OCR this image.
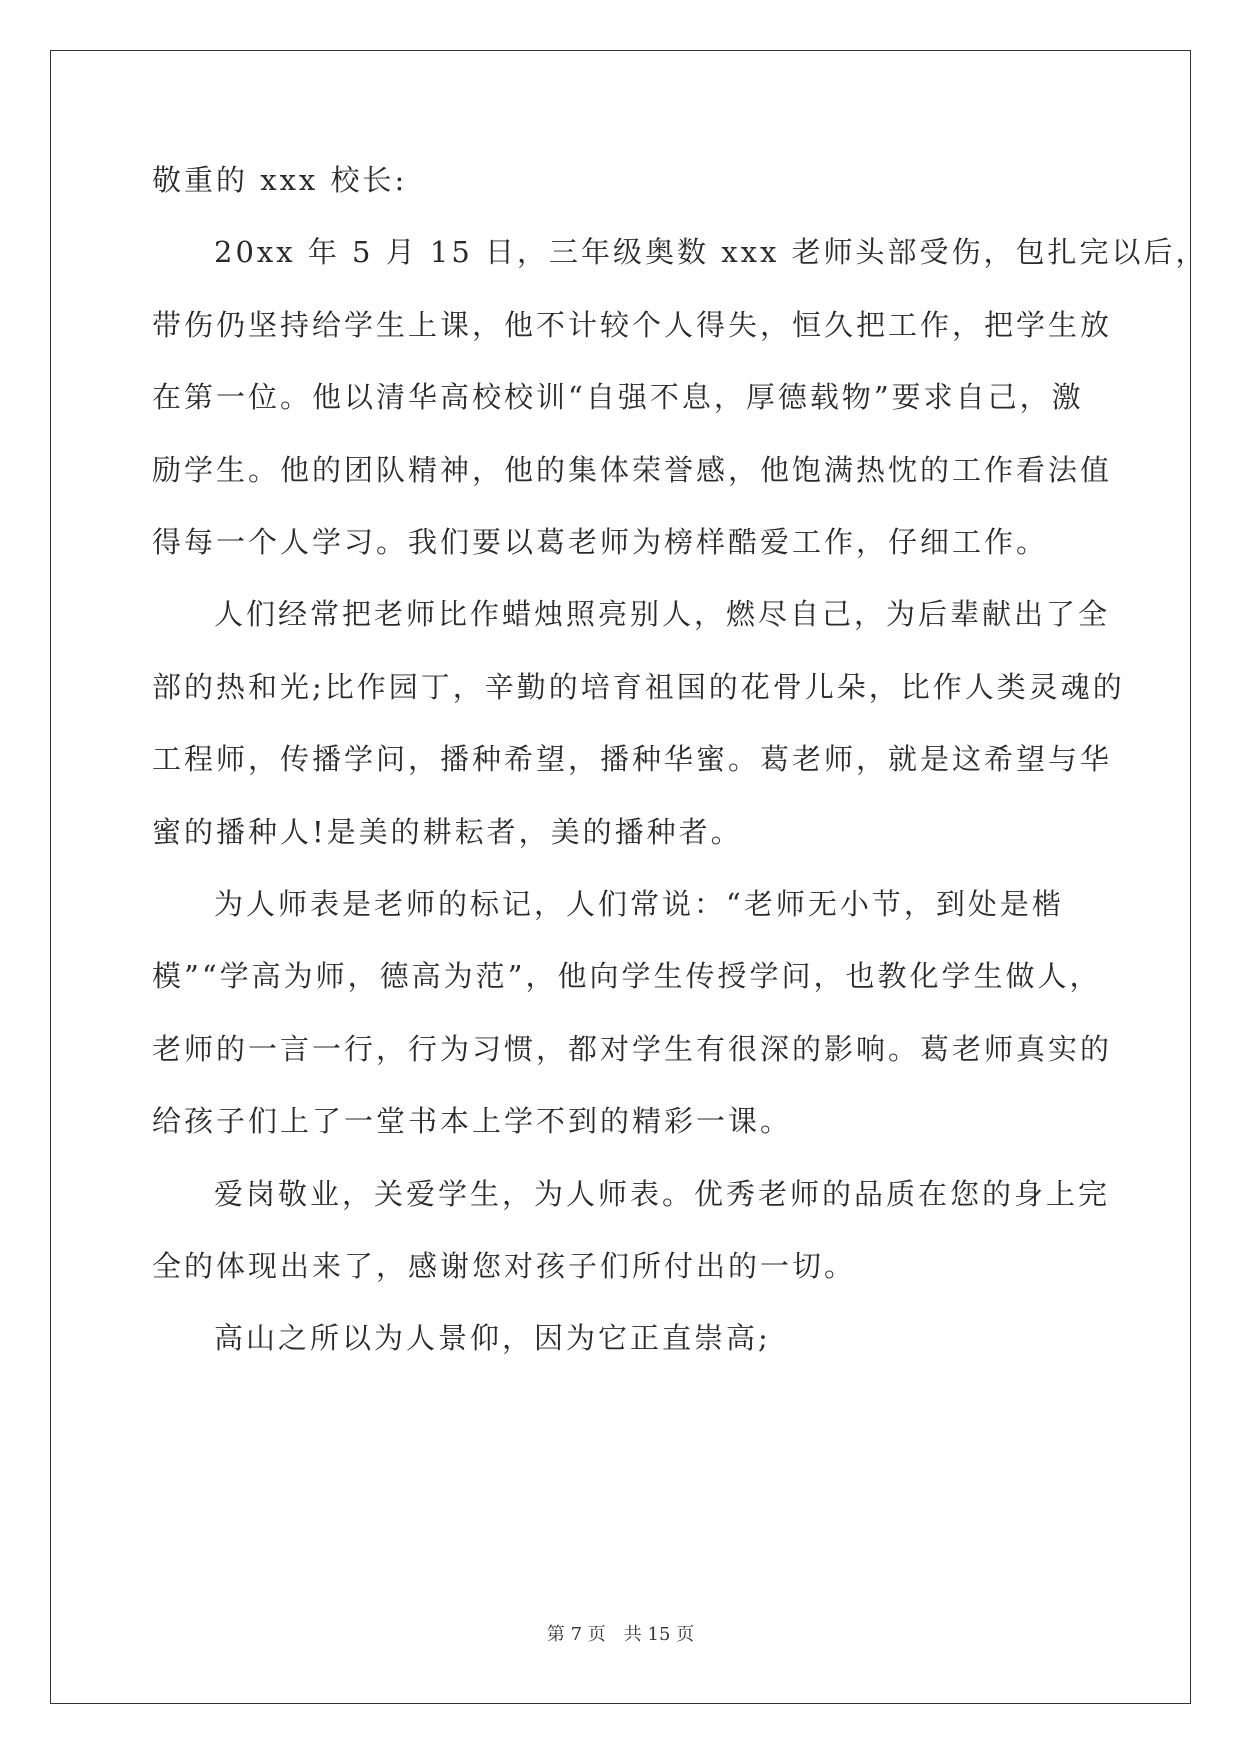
敬重的 xxx 校长:
20xx 年 5 月 15 日，三年级奥数 xxx 老师头部受伤，包扎完以后，
带伤仍坚持给学生上课，他不计较个人得失，恒久把工作，把学生放
在第一位。他以清华高校校训“自强不息，厚德载物”要求自己，激
励学生。他的团队精神，他的集体荣誉感，他饱满热忱的工作看法值
得每一个人学习。我们要以葛老师为榜样酷爱工作，仔细工作。
人们经常把老师比作蜡烛照亮别人，燃尽自己，为后辈献出了全
部的热和光;比作园丁，辛勤的培育祖国的花骨儿朵，比作人类灵魂的
工程师，传播学问，播种希望，播种华蜜。葛老师，就是这希望与华
蜜的播种人!是美的耕耘者，美的播种者。
为人师表是老师的标记，人们常说：“老师无小节，到处是楷
模”“学高为师，德高为范”，他向学生传授学问，也教化学生做人，
老师的一言一行，行为习惯，都对学生有很深的影响。葛老师真实的
给孩子们上了一堂书本上学不到的精彩一课。
爱岗敬业，关爱学生，为人师表。优秀老师的品质在您的身上完
全的体现出来了，感谢您对孩子们所付出的一切。
高山之所以为人景仰，因为它正直崇高;
第 7 页 共 15 页
